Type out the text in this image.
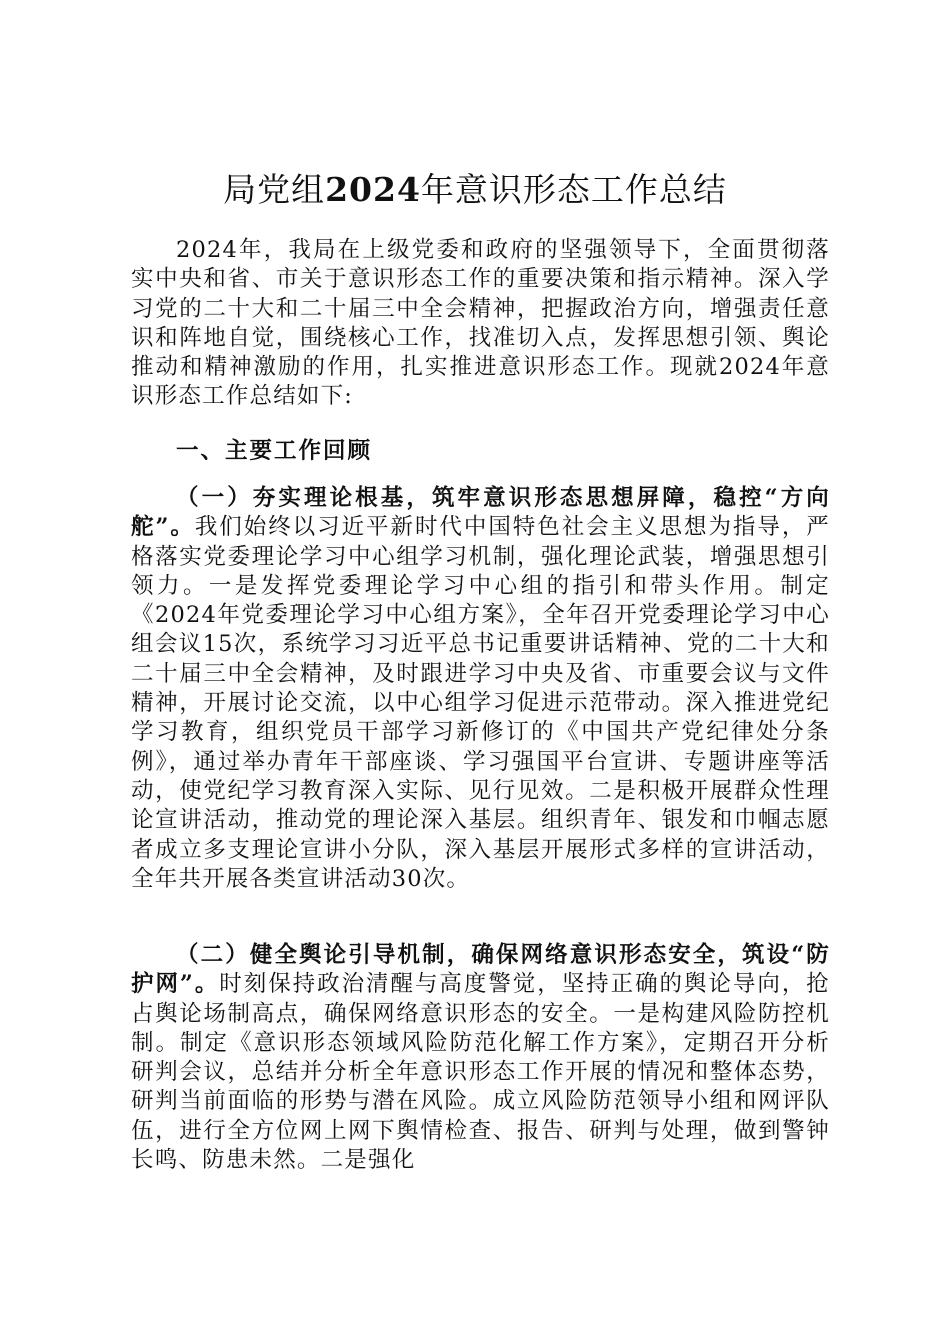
局党组2024年意识形态工作总结

2024年，我局在上级党委和政府的坚强领导下，全面贯彻落实中央和省、市关于意识形态工作的重要决策和指示精神。深入学习党的二十大和二十届三中全会精神，把握政治方向，增强责任意识和阵地自觉，围绕核心工作，找准切入点，发挥思想引领、舆论推动和精神激励的作用，扎实推进意识形态工作。现就2024年意识形态工作总结如下:

一、主要工作回顾

（一）夯实理论根基，筑牢意识形态思想屏障，稳控“方向舵”。我们始终以习近平新时代中国特色社会主义思想为指导，严格落实党委理论学习中心组学习机制，强化理论武装，增强思想引领力。一是发挥党委理论学习中心组的指引和带头作用。制定《2024年党委理论学习中心组方案》，全年召开党委理论学习中心组会议15次，系统学习习近平总书记重要讲话精神、党的二十大和二十届三中全会精神，及时跟进学习中央及省、市重要会议与文件精神，开展讨论交流，以中心组学习促进示范带动。深入推进党纪学习教育，组织党员干部学习新修订的《中国共产党纪律处分条例》，通过举办青年干部座谈、学习强国平台宣讲、专题讲座等活动，使党纪学习教育深入实际、见行见效。二是积极开展群众性理论宣讲活动，推动党的理论深入基层。组织青年、银发和巾帼志愿者成立多支理论宣讲小分队，深入基层开展形式多样的宣讲活动，全年共开展各类宣讲活动30次。

（二）健全舆论引导机制，确保网络意识形态安全，筑设“防护网”。时刻保持政治清醒与高度警觉，坚持正确的舆论导向，抢占舆论场制高点，确保网络意识形态的安全。一是构建风险防控机制。制定《意识形态领域风险防范化解工作方案》，定期召开分析研判会议，总结并分析全年意识形态工作开展的情况和整体态势，研判当前面临的形势与潜在风险。成立风险防范领导小组和网评队伍，进行全方位网上网下舆情检查、报告、研判与处理，做到警钟长鸣、防患未然。二是强化
